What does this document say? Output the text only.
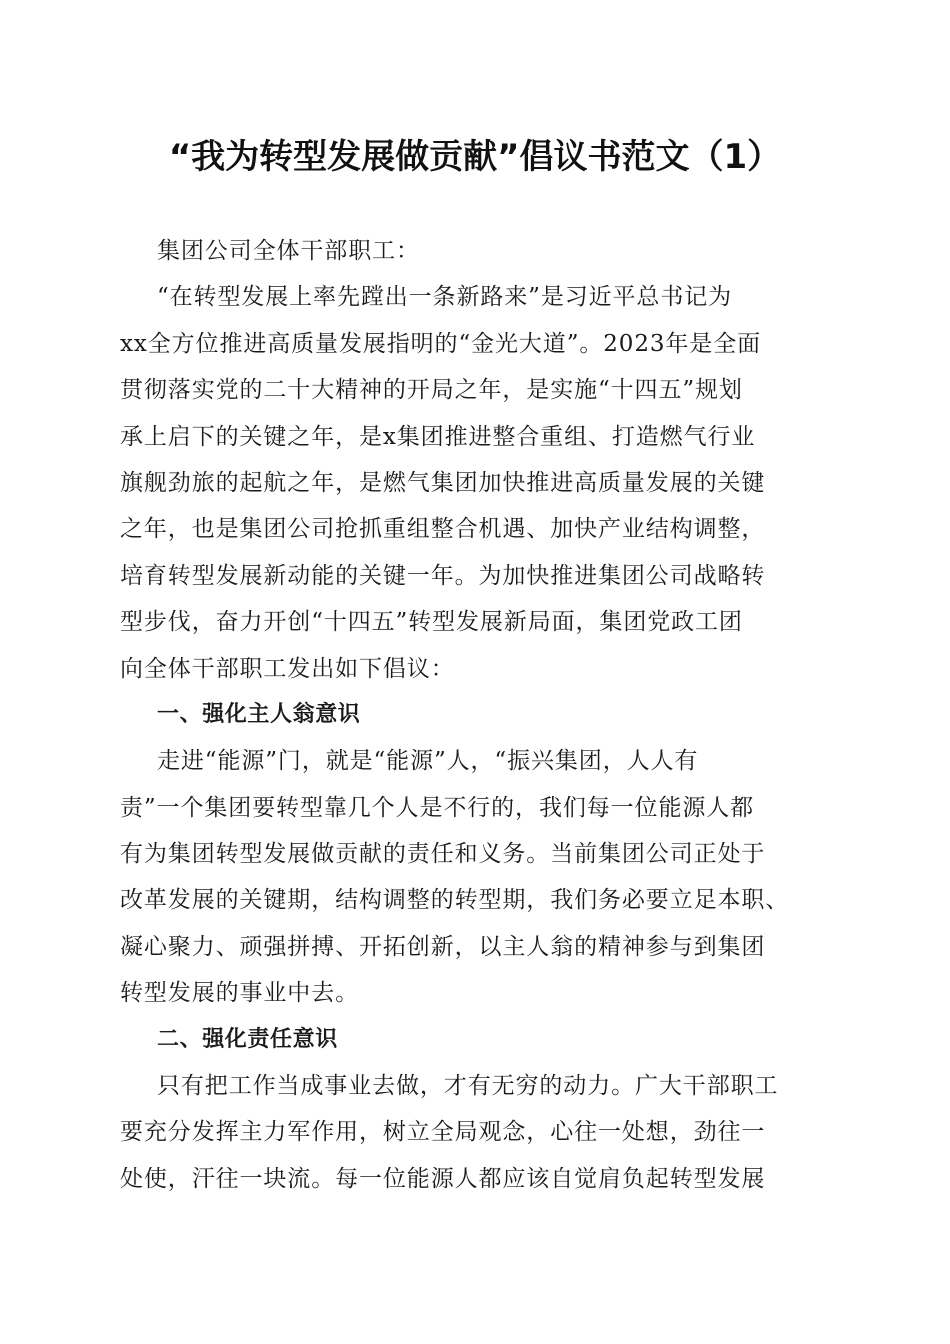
“我为转型发展做贡献”倡议书范文（1）
集团公司全体干部职工：
“在转型发展上率先蹚出一条新路来”是习近平总书记为
xx全方位推进高质量发展指明的“金光大道”。2023年是全面
贯彻落实党的二十大精神的开局之年，是实施“十四五”规划
承上启下的关键之年，是x集团推进整合重组、打造燃气行业
旗舰劲旅的起航之年，是燃气集团加快推进高质量发展的关键
之年，也是集团公司抢抓重组整合机遇、加快产业结构调整，
培育转型发展新动能的关键一年。为加快推进集团公司战略转
型步伐，奋力开创“十四五”转型发展新局面，集团党政工团
向全体干部职工发出如下倡议：
一、强化主人翁意识
走进“能源”门，就是“能源”人，“振兴集团，人人有
责”一个集团要转型靠几个人是不行的，我们每一位能源人都
有为集团转型发展做贡献的责任和义务。当前集团公司正处于
改革发展的关键期，结构调整的转型期，我们务必要立足本职、
凝心聚力、顽强拼搏、开拓创新，以主人翁的精神参与到集团
转型发展的事业中去。
二、强化责任意识
只有把工作当成事业去做，才有无穷的动力。广大干部职工
要充分发挥主力军作用，树立全局观念，心往一处想，劲往一
处使，汗往一块流。每一位能源人都应该自觉肩负起转型发展
